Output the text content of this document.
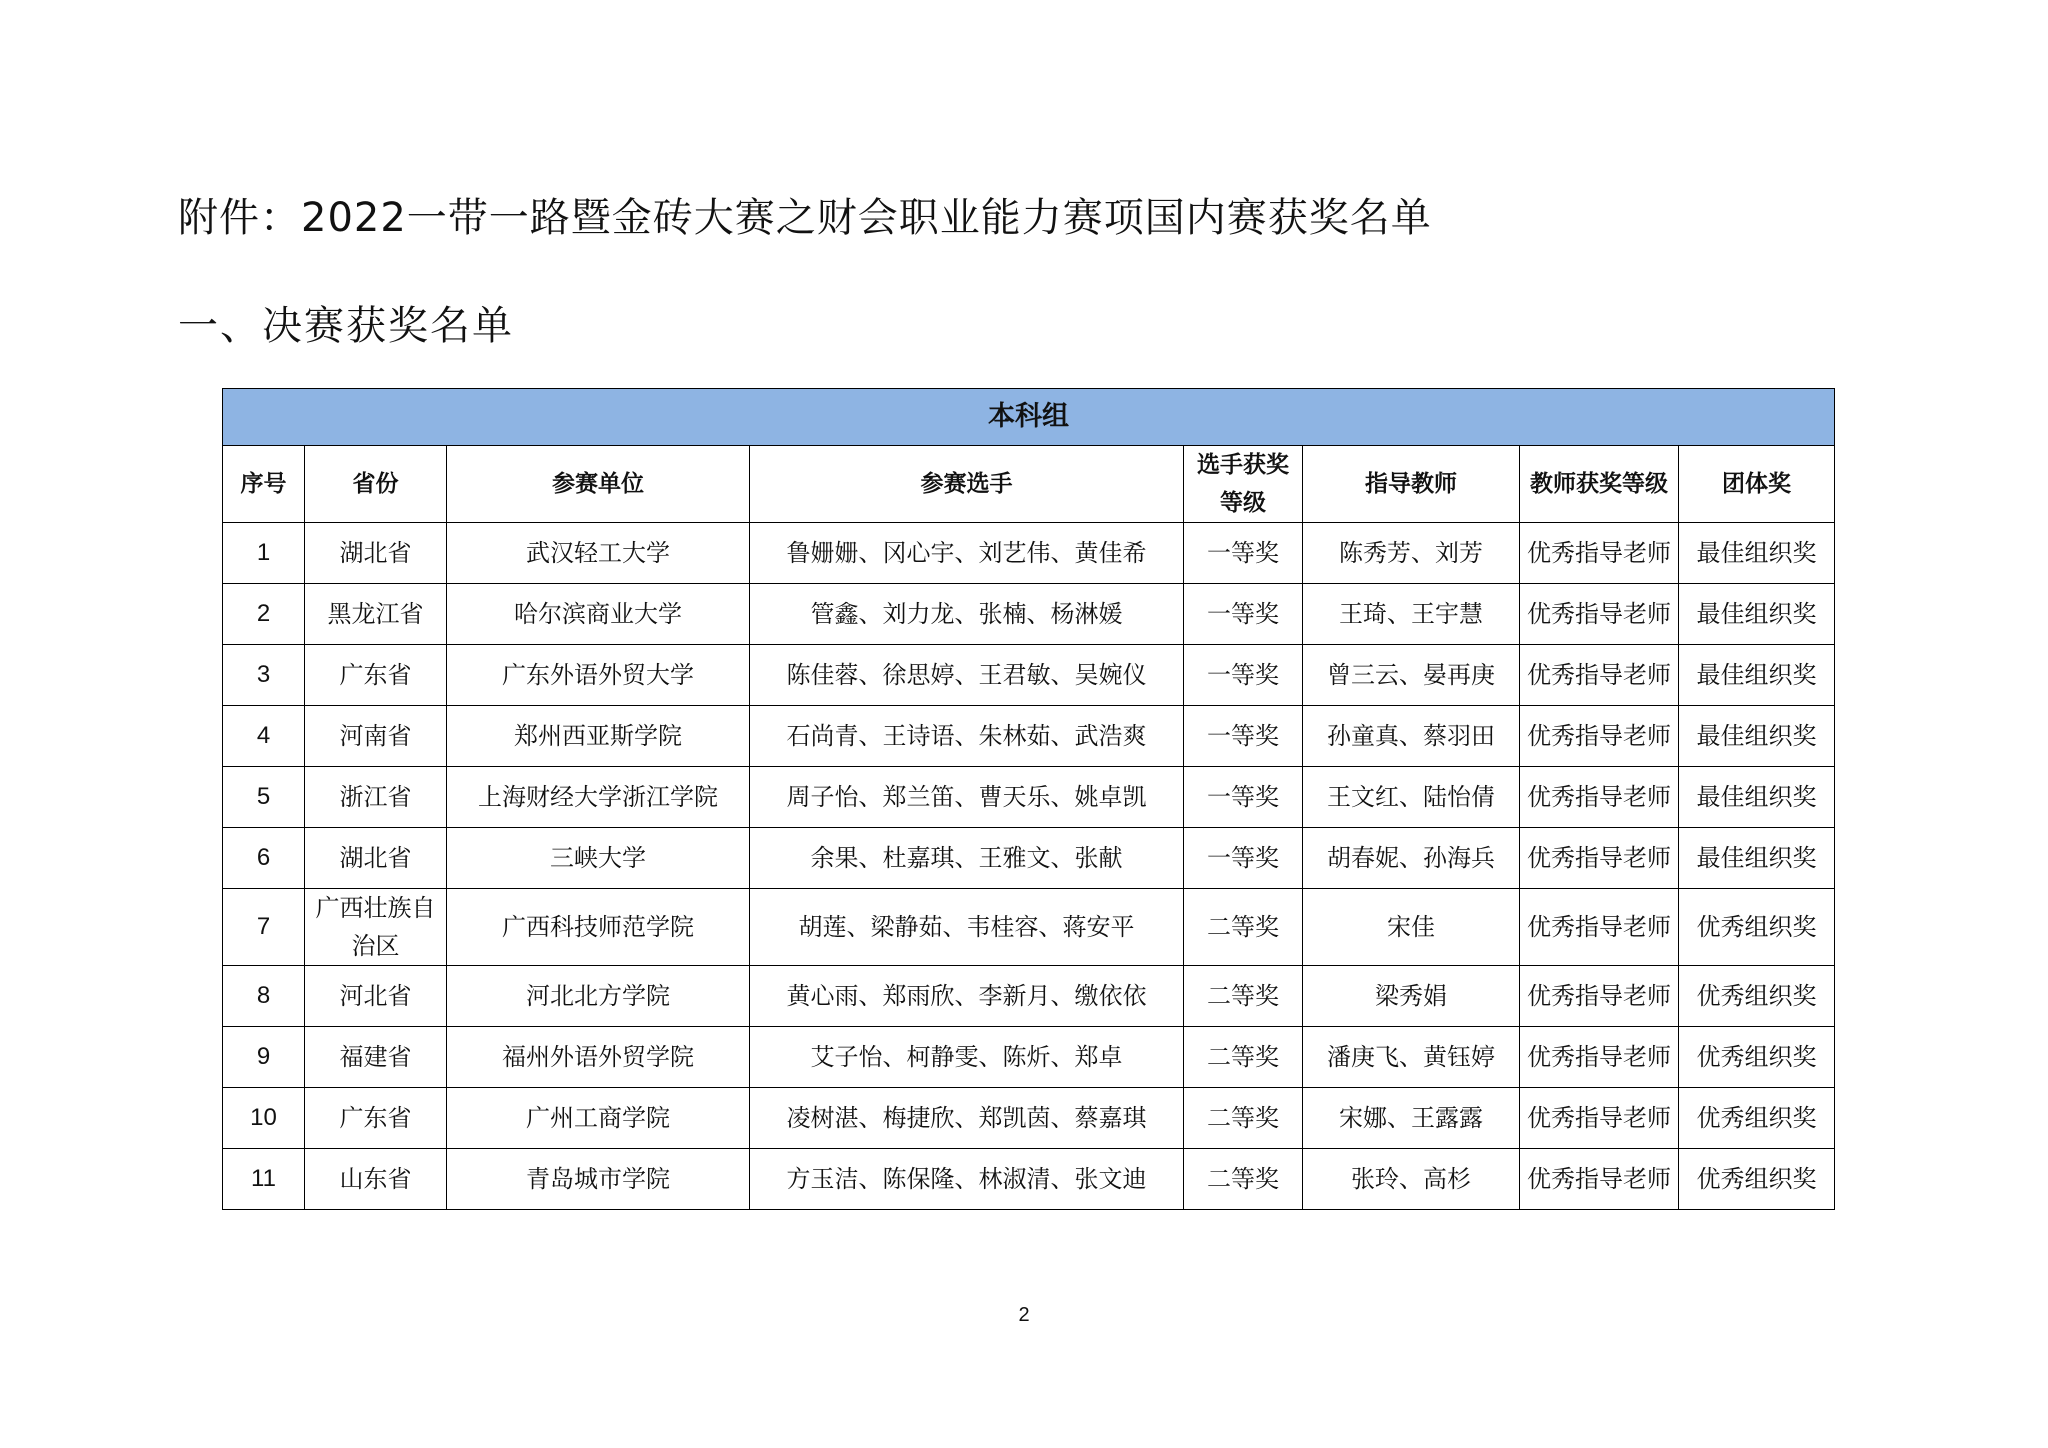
附件：2022一带一路暨金砖大赛之财会职业能力赛项国内赛获奖名单
一、决赛获奖名单
本科组							
序号	省份	参赛单位	参赛选手	选手获奖等级	指导教师	教师获奖等级	团体奖
1	湖北省	武汉轻工大学	鲁姗姗、冈心宇、刘艺伟、黄佳希	一等奖	陈秀芳、刘芳	优秀指导老师	最佳组织奖
2	黑龙江省	哈尔滨商业大学	管鑫、刘力龙、张楠、杨淋媛	一等奖	王琦、王宇慧	优秀指导老师	最佳组织奖
3	广东省	广东外语外贸大学	陈佳蓉、徐思婷、王君敏、吴婉仪	一等奖	曾三云、晏再庚	优秀指导老师	最佳组织奖
4	河南省	郑州西亚斯学院	石尚青、王诗语、朱林茹、武浩爽	一等奖	孙童真、蔡羽田	优秀指导老师	最佳组织奖
5	浙江省	上海财经大学浙江学院	周子怡、郑兰笛、曹天乐、姚卓凯	一等奖	王文红、陆怡倩	优秀指导老师	最佳组织奖
6	湖北省	三峡大学	余果、杜嘉琪、王雅文、张献	一等奖	胡春妮、孙海兵	优秀指导老师	最佳组织奖
7	广西壮族自治区	广西科技师范学院	胡莲、梁静茹、韦桂容、蒋安平	二等奖	宋佳	优秀指导老师	优秀组织奖
8	河北省	河北北方学院	黄心雨、郑雨欣、李新月、缴依依	二等奖	梁秀娟	优秀指导老师	优秀组织奖
9	福建省	福州外语外贸学院	艾子怡、柯静雯、陈炘、郑卓	二等奖	潘庚飞、黄钰婷	优秀指导老师	优秀组织奖
10	广东省	广州工商学院	凌树湛、梅捷欣、郑凯茵、蔡嘉琪	二等奖	宋娜、王露露	优秀指导老师	优秀组织奖
11	山东省	青岛城市学院	方玉洁、陈保隆、林淑清、张文迪	二等奖	张玲、高杉	优秀指导老师	优秀组织奖
2
